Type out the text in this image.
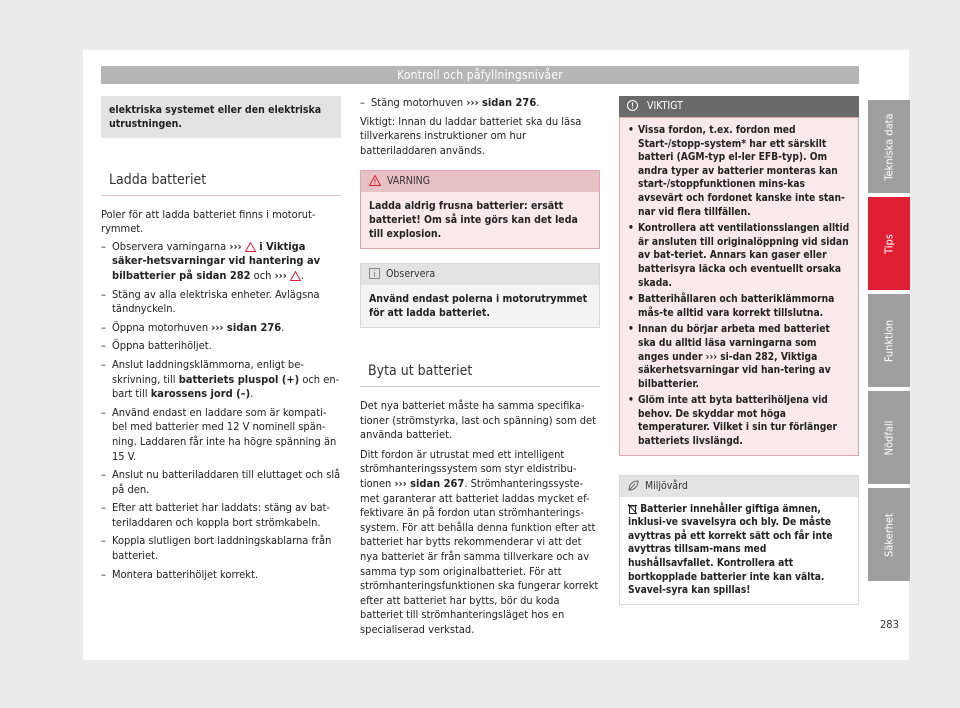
Kontroll och påfyllningsnivåer
elektriska systemet eller den elektriska utrustningen.
Ladda batteriet

Poler för att ladda batteriet finns i motorut-rymmet.

– Observera varningarna ›››  i Viktiga säker-hetsvarningar vid hantering av bilbatterier på sidan 282 och ››› .
– Stäng av alla elektriska enheter. Avlägsna tändnyckeln.
– Öppna motorhuven ››› sidan 276.
– Öppna batterihöljet.
– Anslut laddningsklämmorna, enligt be-skrivning, till batteriets pluspol (+) och en-bart till karossens jord (–).
– Använd endast en laddare som är kompati-bel med batterier med 12 V nominell spän-ning. Laddaren får inte ha högre spänning än 15 V.
– Anslut nu batteriladdaren till eluttaget och slå på den.
– Efter att batteriet har laddats: stäng av bat-teriladdaren och koppla bort strömkabeln.
– Koppla slutligen bort laddningskablarna från batteriet.
– Montera batterihöljet korrekt.
– Stäng motorhuven ››› sidan 276.

Viktigt: Innan du laddar batteriet ska du läsa tillverkarens instruktioner om hur batteriladdaren används.

VARNING
Ladda aldrig frusna batterier: ersätt batteriet! Om så inte görs kan det leda till explosion.
Observera
Använd endast polerna i motorutrymmet för att ladda batteriet.
Byta ut batteriet

Det nya batteriet måste ha samma specifika-tioner (strömstyrka, last och spänning) som det använda batteriet.

Ditt fordon är utrustat med ett intelligent strömhanteringssystem som styr eldistribu-tionen ››› sidan 267. Strömhanteringssyste-met garanterar att batteriet laddas mycket ef-fektivare än på fordon utan strömhanterings-system. För att behålla denna funktion efter att batteriet har bytts rekommenderar vi att det nya batteriet är från samma tillverkare och av samma typ som originalbatteriet. För att strömhanteringsfunktionen ska fungerar korrekt efter att batteriet har bytts, bör du koda batteriet till strömhanteringsläget hos en specialiserad verkstad.

VIKTIGT
• Vissa fordon, t.ex. fordon med Start-/stopp-system* har ett särskilt batteri (AGM-typ el-ler EFB-typ). Om andra typer av batterier monteras kan start-/stoppfunktionen mins-kas avsevärt och fordonet kanske inte stan-nar vid flera tillfällen.
• Kontrollera att ventilationsslangen alltid är ansluten till originalöppning vid sidan av bat-teriet. Annars kan gaser eller batterisyra läcka och eventuellt orsaka skada.
• Batterihållaren och batteriklämmorna mås-te alltid vara korrekt tillslutna.
• Innan du börjar arbeta med batteriet ska du alltid läsa varningarna som anges under ››› si-dan 282, Viktiga säkerhetsvarningar vid han-tering av bilbatterier.
• Glöm inte att byta batterihöljena vid behov. De skyddar mot höga temperaturer. Vilket i sin tur förlänger batteriets livslängd.
Miljövård
Batterier innehåller giftiga ämnen, inklusi-ve svavelsyra och bly. De måste avyttras på ett korrekt sätt och får inte avyttras tillsam-mans med hushållsavfallet. Kontrollera att bortkopplade batterier inte kan välta. Svavel-syra kan spillas!
Tekniska data
Tips
Funktion
Nödfall
Säkerhet
283
